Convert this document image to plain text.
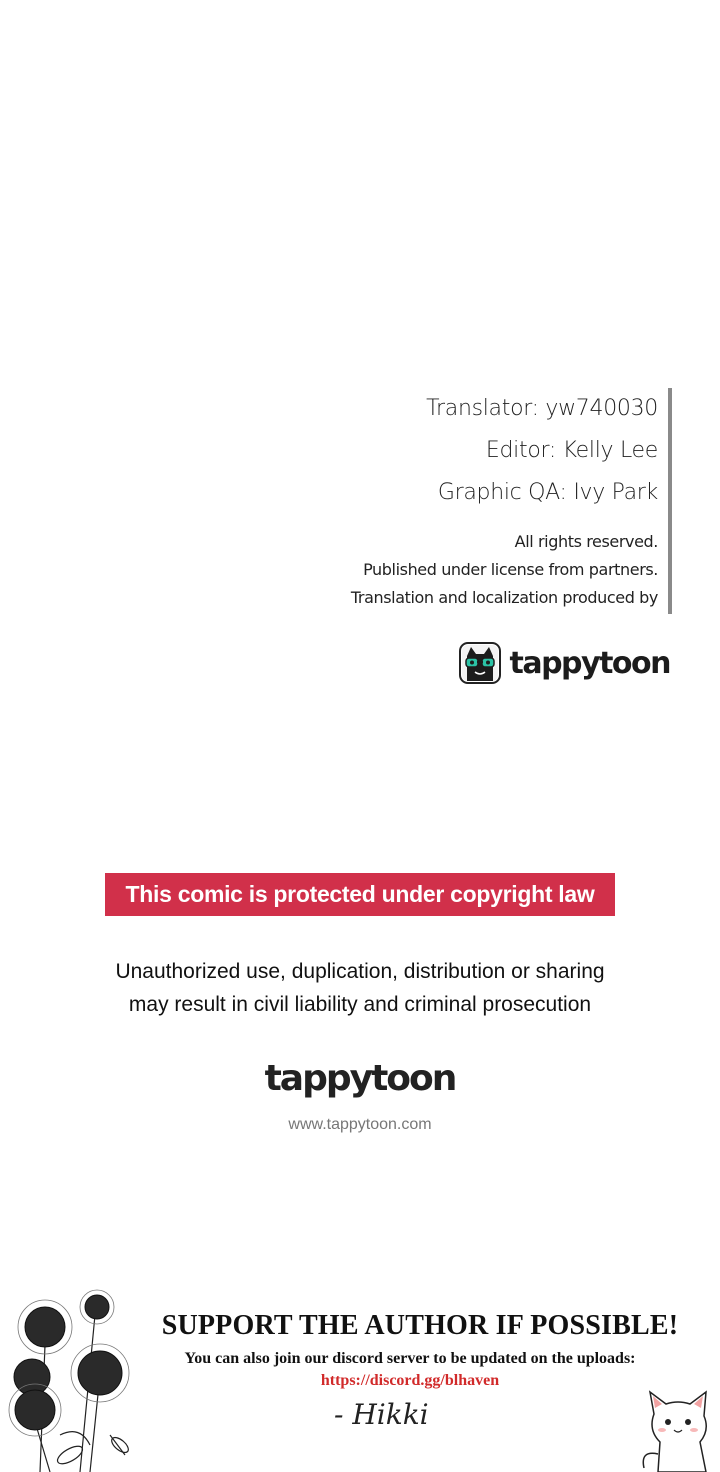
Translator: yw740030
Editor: Kelly Lee
Graphic QA: Ivy Park
All rights reserved.
Published under license from partners.
Translation and localization produced by
tappytoon
This comic is protected under copyright law
Unauthorized use, duplication, distribution or sharing
may result in civil liability and criminal prosecution
tappytoon
www.tappytoon.com
SUPPORT THE AUTHOR IF POSSIBLE!
You can also join our discord server to be updated on the uploads:
https://discord.gg/blhaven
- Hikki
